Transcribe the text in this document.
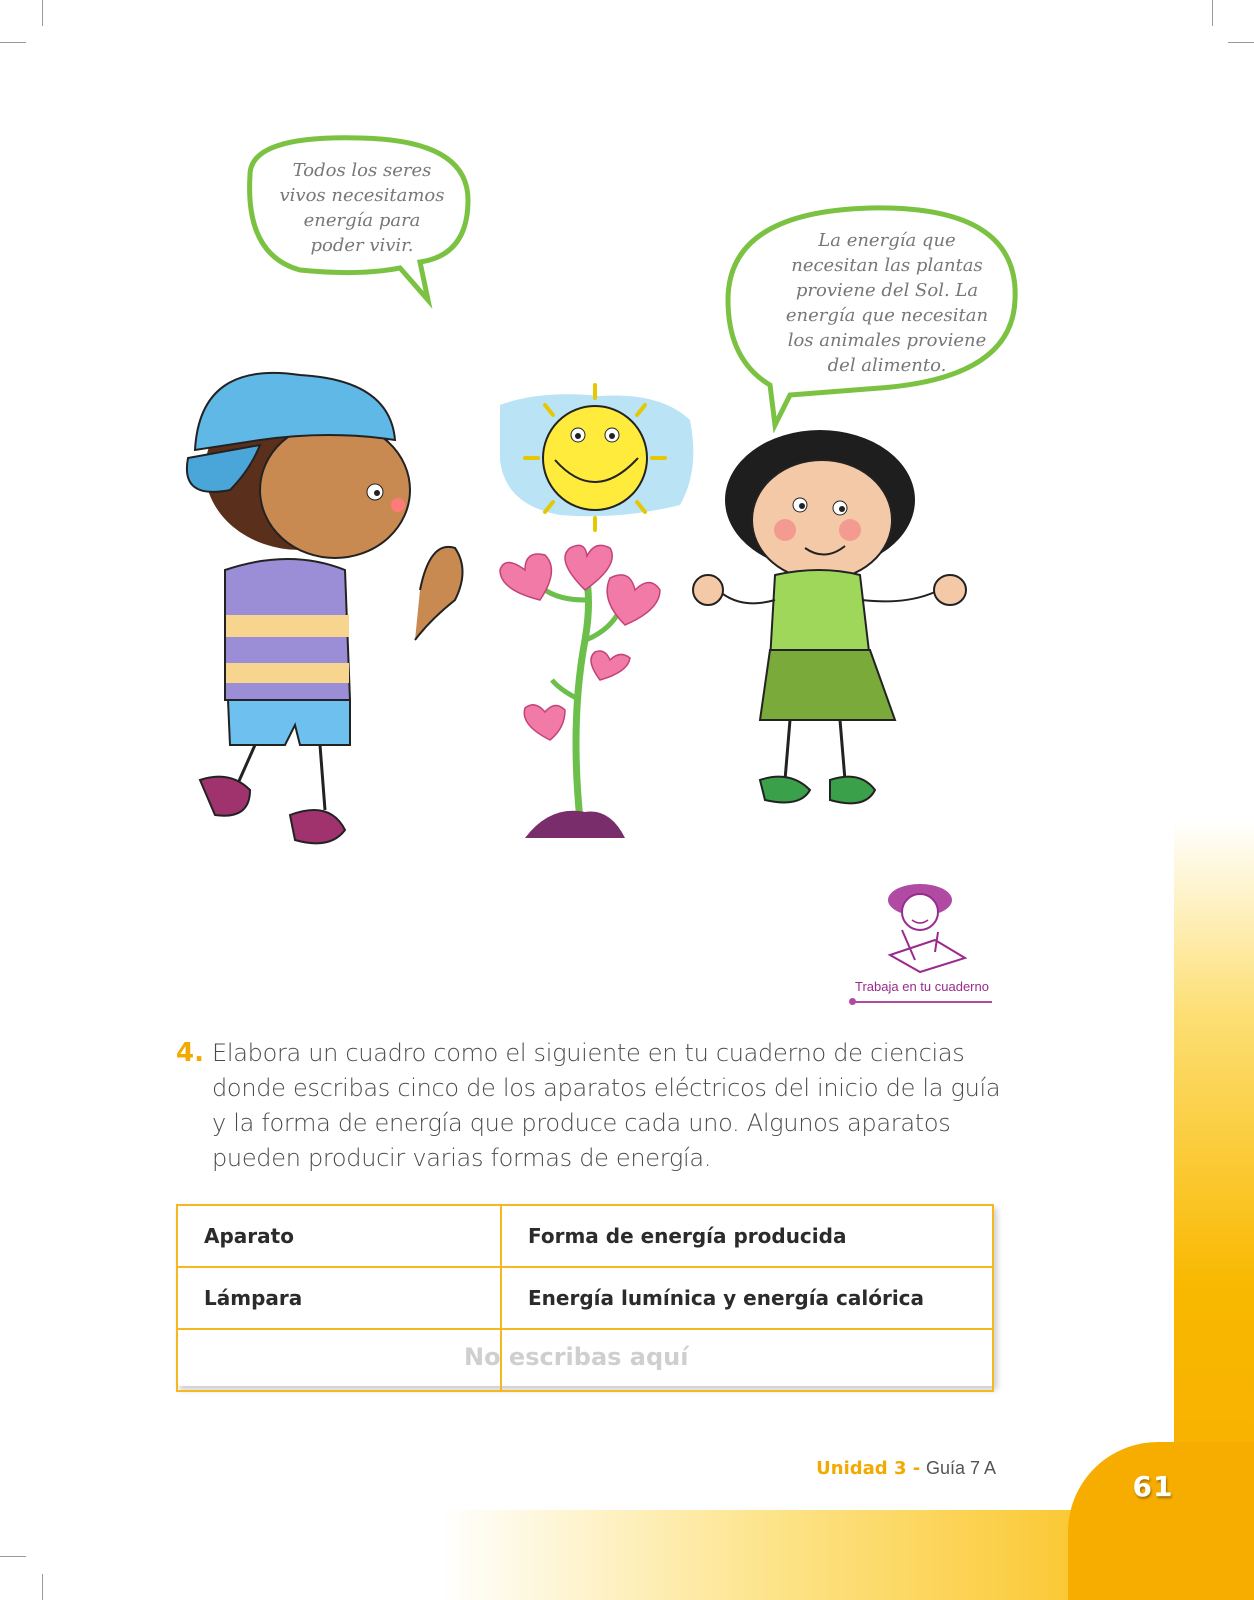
Todos los seres
vivos necesitamos
energía para
poder vivir.	La energía que
necesitan las plantas
proviene del Sol. La
energía que necesitan
los animales proviene
del alimento.
Trabaja en tu cuaderno
4. Elabora un cuadro como el siguiente en tu cuaderno de ciencias donde escribas cinco de los aparatos eléctricos del inicio de la guía y la forma de energía que produce cada uno. Algunos aparatos pueden producir varias formas de energía.
Aparato	Forma de energía producida
Lámpara	Energía lumínica y energía calórica

No escribas aquí
Unidad 3 - Guía 7 A
61
